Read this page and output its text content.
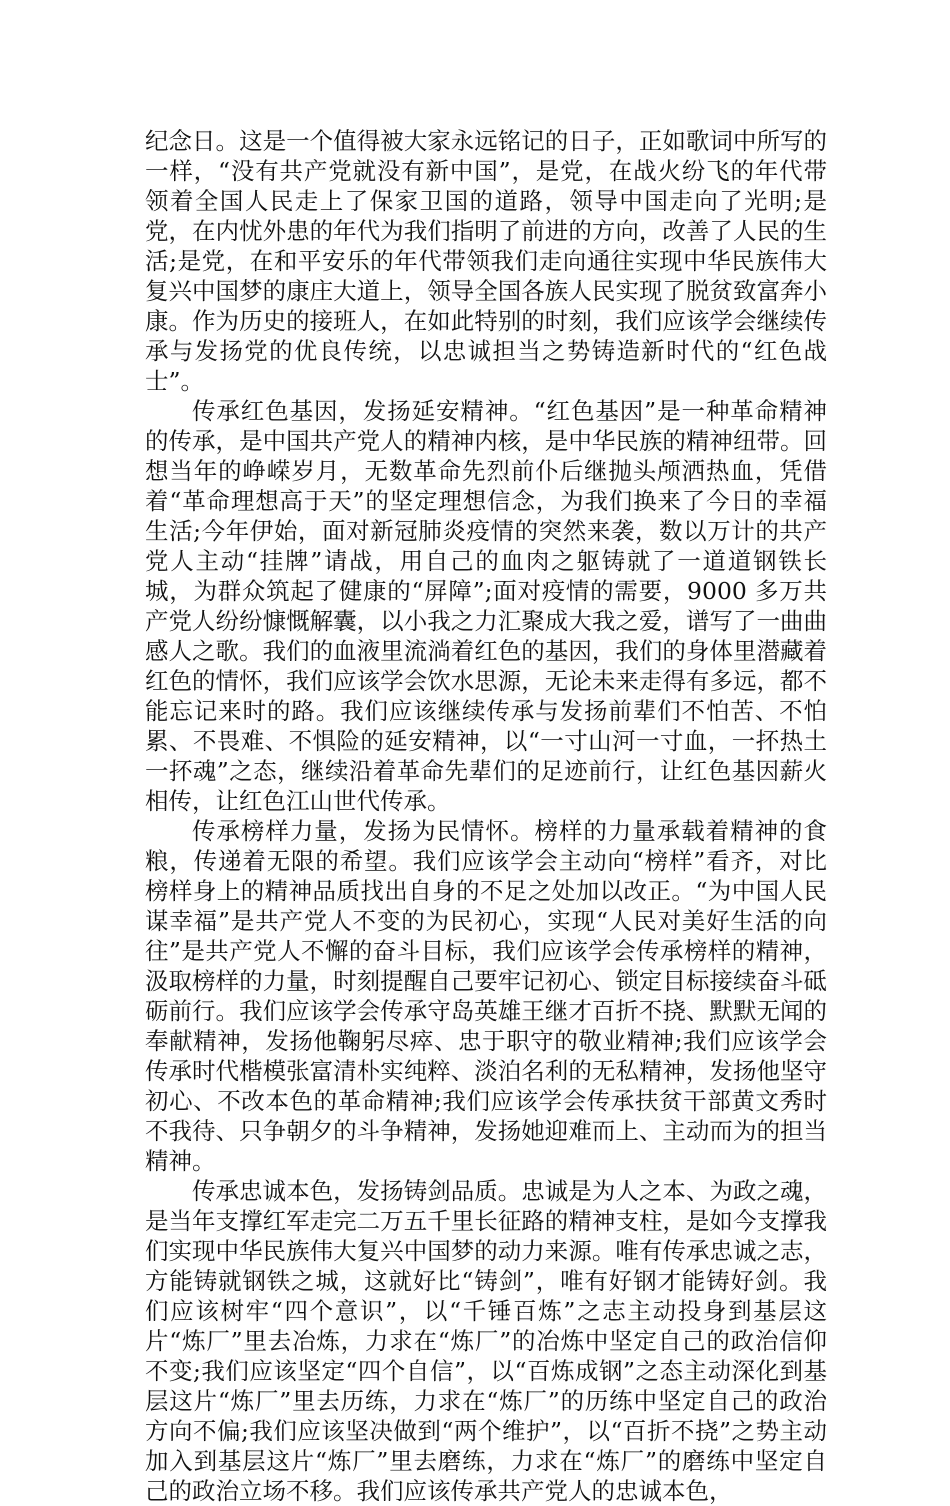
纪念日。这是一个值得被大家永远铭记的日子，正如歌词中所写的一样，“没有共产党就没有新中国”，是党，在战火纷飞的年代带领着全国人民走上了保家卫国的道路，领导中国走向了光明;是党，在内忧外患的年代为我们指明了前进的方向，改善了人民的生活;是党，在和平安乐的年代带领我们走向通往实现中华民族伟大复兴中国梦的康庄大道上，领导全国各族人民实现了脱贫致富奔小康。作为历史的接班人，在如此特别的时刻，我们应该学会继续传承与发扬党的优良传统，以忠诚担当之势铸造新时代的“红色战士”。

传承红色基因，发扬延安精神。“红色基因”是一种革命精神的传承，是中国共产党人的精神内核，是中华民族的精神纽带。回想当年的峥嵘岁月，无数革命先烈前仆后继抛头颅洒热血，凭借着“革命理想高于天”的坚定理想信念，为我们换来了今日的幸福生活;今年伊始，面对新冠肺炎疫情的突然来袭，数以万计的共产党人主动“挂牌”请战，用自己的血肉之躯铸就了一道道钢铁长城，为群众筑起了健康的“屏障”;面对疫情的需要，9000 多万共产党人纷纷慷慨解囊，以小我之力汇聚成大我之爱，谱写了一曲曲感人之歌。我们的血液里流淌着红色的基因，我们的身体里潜藏着红色的情怀，我们应该学会饮水思源，无论未来走得有多远，都不能忘记来时的路。我们应该继续传承与发扬前辈们不怕苦、不怕累、不畏难、不惧险的延安精神，以“一寸山河一寸血，一抔热土一抔魂”之态，继续沿着革命先辈们的足迹前行，让红色基因薪火相传，让红色江山世代传承。

传承榜样力量，发扬为民情怀。榜样的力量承载着精神的食粮，传递着无限的希望。我们应该学会主动向“榜样”看齐，对比榜样身上的精神品质找出自身的不足之处加以改正。“为中国人民谋幸福”是共产党人不变的为民初心，实现“人民对美好生活的向往”是共产党人不懈的奋斗目标，我们应该学会传承榜样的精神，汲取榜样的力量，时刻提醒自己要牢记初心、锁定目标接续奋斗砥砺前行。我们应该学会传承守岛英雄王继才百折不挠、默默无闻的奉献精神，发扬他鞠躬尽瘁、忠于职守的敬业精神;我们应该学会传承时代楷模张富清朴实纯粹、淡泊名利的无私精神，发扬他坚守初心、不改本色的革命精神;我们应该学会传承扶贫干部黄文秀时不我待、只争朝夕的斗争精神，发扬她迎难而上、主动而为的担当精神。

传承忠诚本色，发扬铸剑品质。忠诚是为人之本、为政之魂，是当年支撑红军走完二万五千里长征路的精神支柱，是如今支撑我们实现中华民族伟大复兴中国梦的动力来源。唯有传承忠诚之志，方能铸就钢铁之城，这就好比“铸剑”，唯有好钢才能铸好剑。我们应该树牢“四个意识”，以“千锤百炼”之志主动投身到基层这片“炼厂”里去冶炼，力求在“炼厂”的冶炼中坚定自己的政治信仰不变;我们应该坚定“四个自信”，以“百炼成钢”之态主动深化到基层这片“炼厂”里去历练，力求在“炼厂”的历练中坚定自己的政治方向不偏;我们应该坚决做到“两个维护”，以“百折不挠”之势主动加入到基层这片“炼厂”里去磨练，力求在“炼厂”的磨练中坚定自己的政治立场不移。我们应该传承共产党人的忠诚本色，
